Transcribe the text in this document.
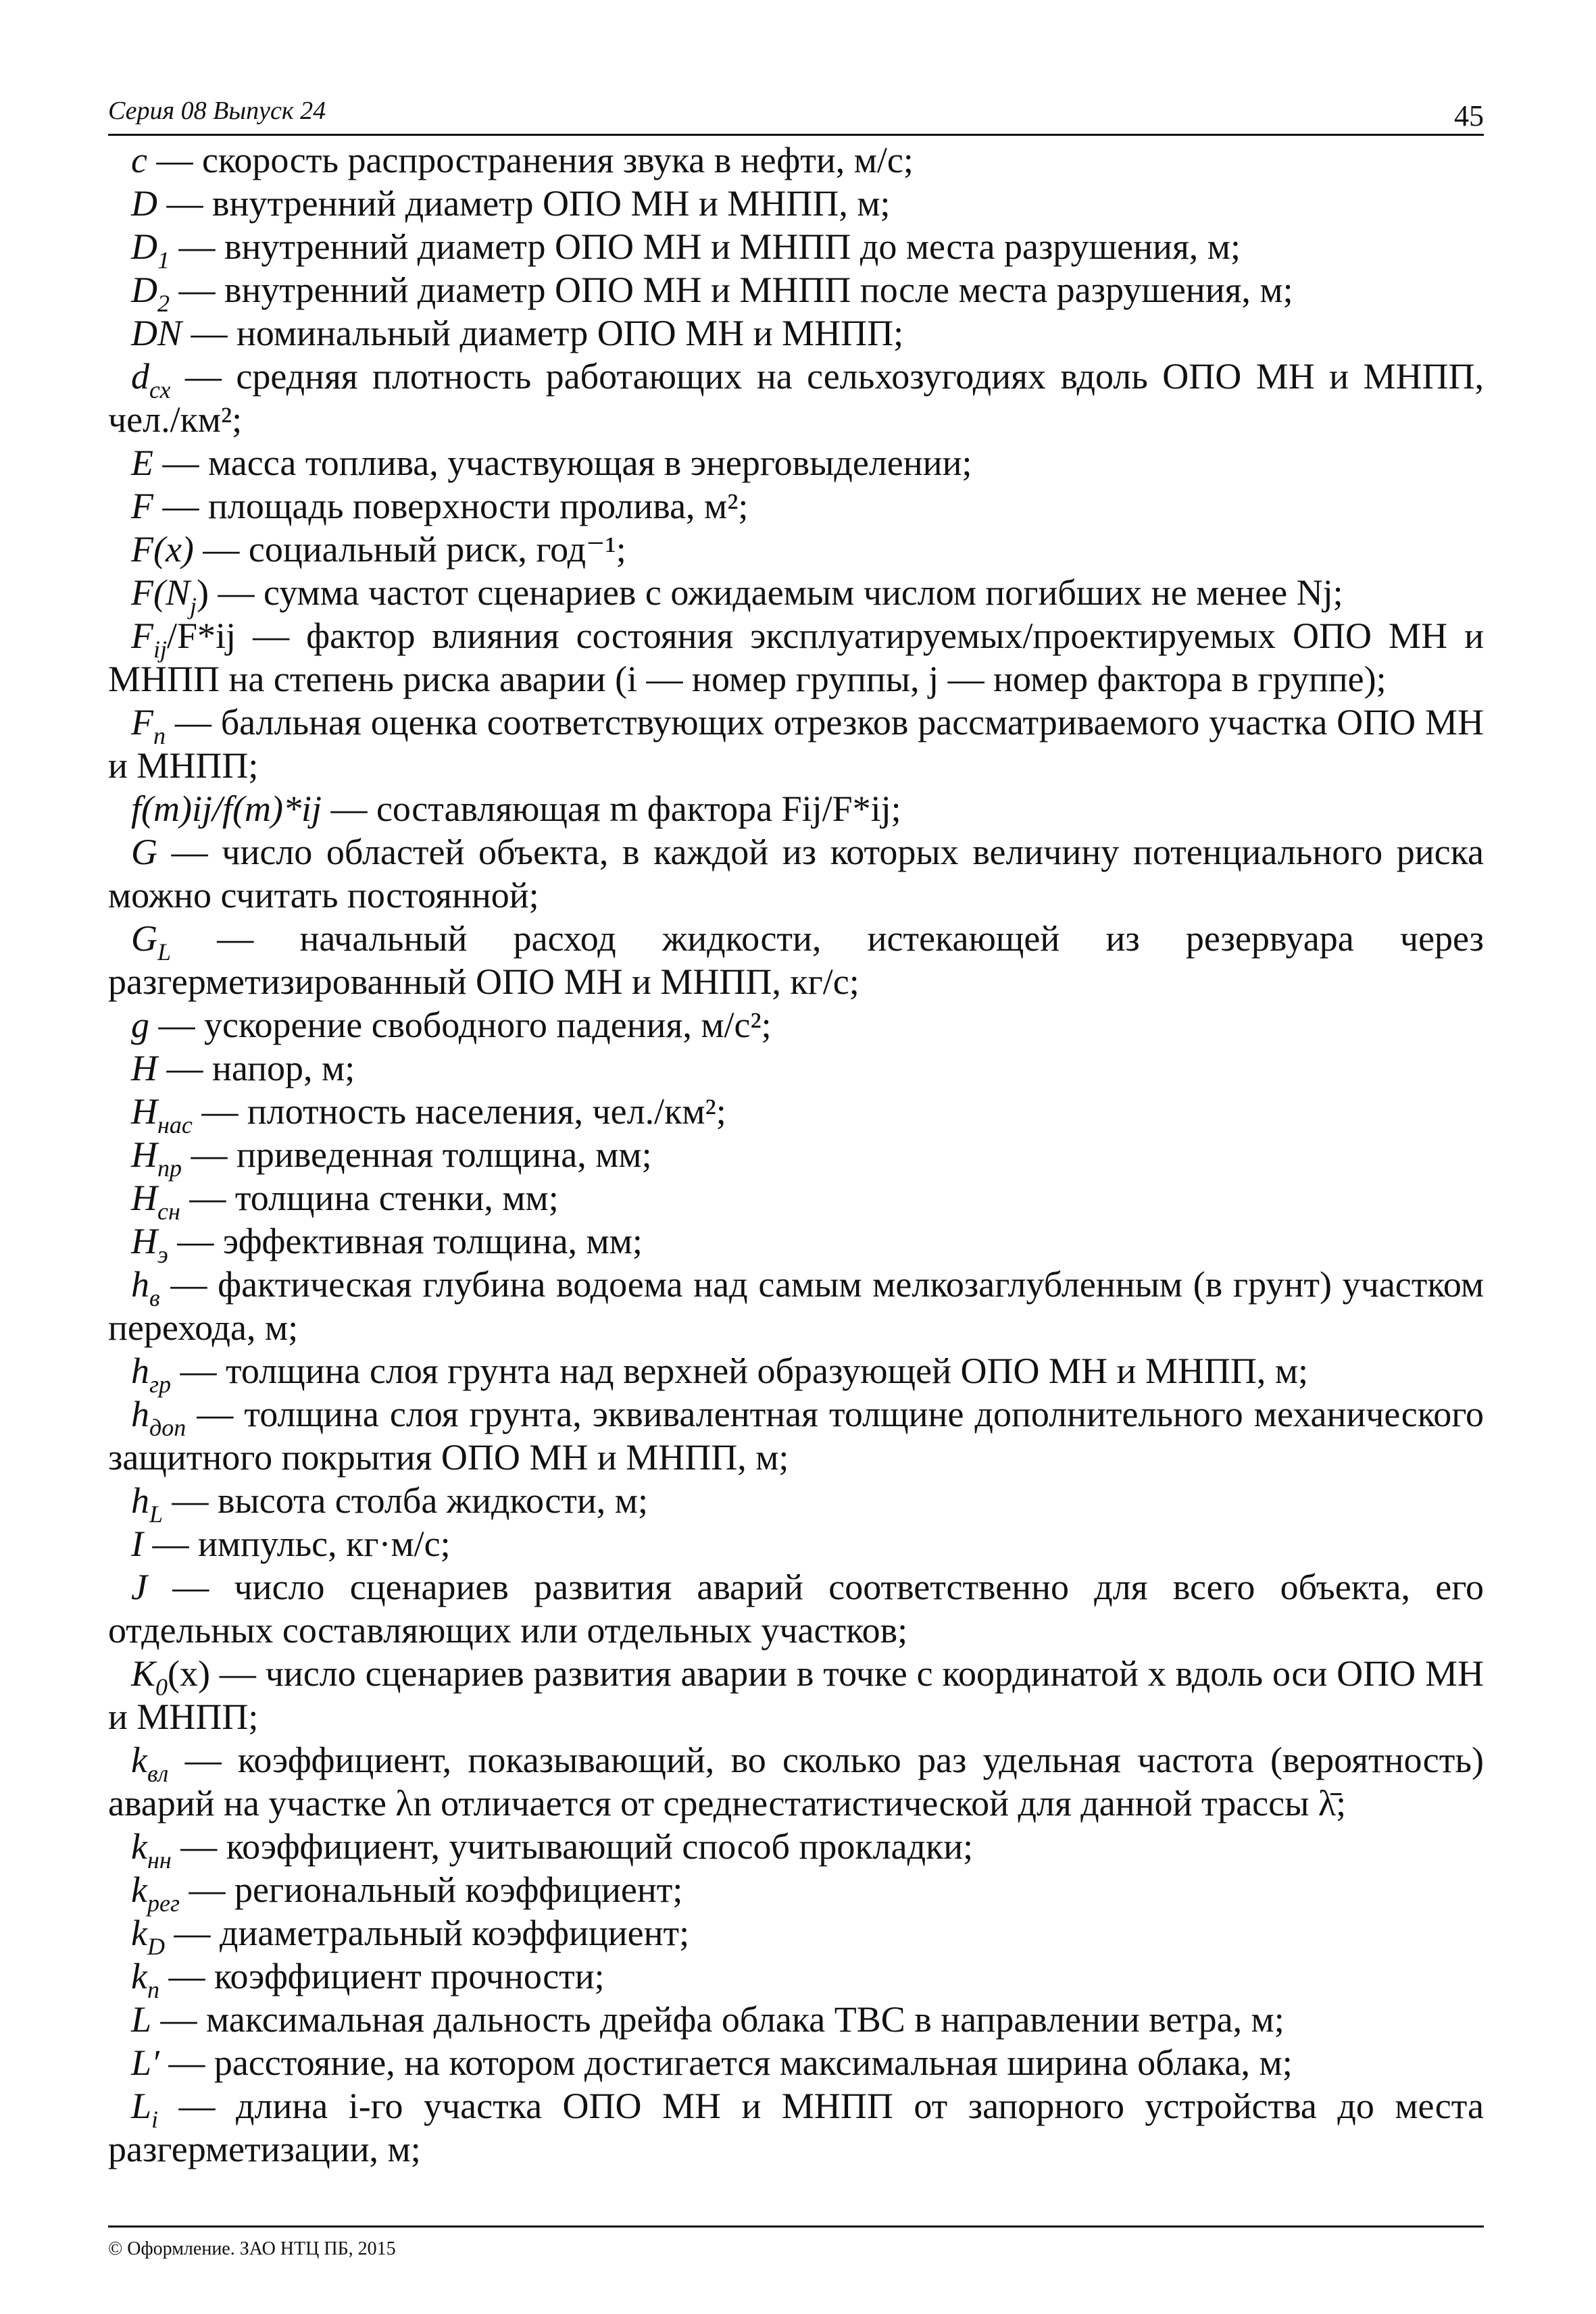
Серия 08 Выпуск 24	45

c — скорость распространения звука в нефти, м/с;

D — внутренний диаметр ОПО МН и МНПП, м;

$D_1$ — внутренний диаметр ОПО МН и МНПП до места разрушения, м;

$D_2$ — внутренний диаметр ОПО МН и МНПП после места разрушения, м;

DN — номинальный диаметр ОПО МН и МНПП;

$d_{сх}$ — средняя плотность работающих на сельхозугодиях вдоль ОПО МН и МНПП, чел./км²;

E — масса топлива, участвующая в энерговыделении;

F — площадь поверхности пролива, м²;

F(x) — социальный риск, год⁻¹;

$F(N_j)$ — сумма частот сценариев с ожидаемым числом погибших не менее Nj;

$F_{ij}/F*ij$ — фактор влияния состояния эксплуатируемых/проектируемых ОПО МН и МНПП на степень риска аварии (i — номер группы, j — номер фактора в группе);

$F_n$ — балльная оценка соответствующих отрезков рассматриваемого участка ОПО МН и МНПП;

f(m)ij/f(m)*ij — составляющая m фактора Fij/F*ij;

G — число областей объекта, в каждой из которых величину потенциального риска можно считать постоянной;

$G_L$ — начальный расход жидкости, истекающей из резервуара через разгерметизированный ОПО МН и МНПП, кг/с;

g — ускорение свободного падения, м/с²;

H — напор, м;

$H_{нас}$ — плотность населения, чел./км²;

$H_{пр}$ — приведенная толщина, мм;

$H_{сн}$ — толщина стенки, мм;

$H_э$ — эффективная толщина, мм;

$h_в$ — фактическая глубина водоема над самым мелкозаглубленным (в грунт) участком перехода, м;

$h_{гр}$ — толщина слоя грунта над верхней образующей ОПО МН и МНПП, м;

$h_{доп}$ — толщина слоя грунта, эквивалентная толщине дополнительного механического защитного покрытия ОПО МН и МНПП, м;

$h_L$ — высота столба жидкости, м;

I — импульс, кг·м/с;

J — число сценариев развития аварий соответственно для всего объекта, его отдельных составляющих или отдельных участков;

$K_0(x)$ — число сценариев развития аварии в точке с координатой x вдоль оси ОПО МН и МНПП;

$k_{вл}$ — коэффициент, показывающий, во сколько раз удельная частота (вероятность) аварий на участке λn отличается от среднестатистической для данной трассы λ̄;

$k_{нн}$ — коэффициент, учитывающий способ прокладки;

$k_{рег}$ — региональный коэффициент;

$k_D$ — диаметральный коэффициент;

$k_n$ — коэффициент прочности;

L — максимальная дальность дрейфа облака ТВС в направлении ветра, м;

L′ — расстояние, на котором достигается максимальная ширина облака, м;

$L_i$ — длина i-го участка ОПО МН и МНПП от запорного устройства до места разгерметизации, м;

© Оформление. ЗАО НТЦ ПБ, 2015
